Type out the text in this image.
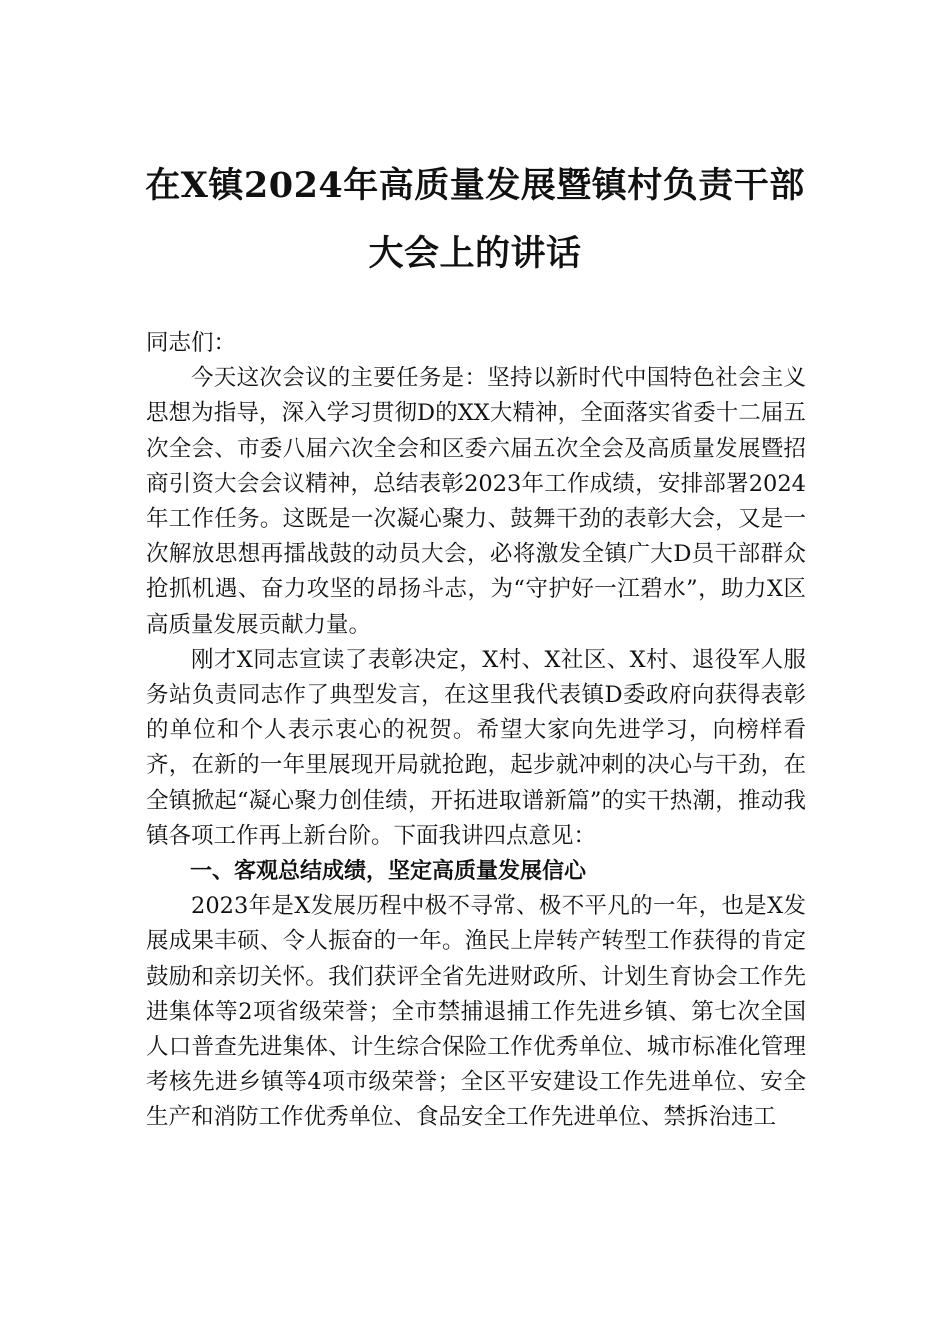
在X镇2024年高质量发展暨镇村负责干部
大会上的讲话

同志们：

今天这次会议的主要任务是：坚持以新时代中国特色社会主义思想为指导，深入学习贯彻D的XX大精神，全面落实省委十二届五次全会、市委八届六次全会和区委六届五次全会及高质量发展暨招商引资大会会议精神，总结表彰2023年工作成绩，安排部署2024年工作任务。这既是一次凝心聚力、鼓舞干劲的表彰大会，又是一次解放思想再擂战鼓的动员大会，必将激发全镇广大D员干部群众抢抓机遇、奋力攻坚的昂扬斗志，为“守护好一江碧水”，助力X区高质量发展贡献力量。

刚才X同志宣读了表彰决定，X村、X社区、X村、退役军人服务站负责同志作了典型发言，在这里我代表镇D委政府向获得表彰的单位和个人表示衷心的祝贺。希望大家向先进学习，向榜样看齐，在新的一年里展现开局就抢跑，起步就冲刺的决心与干劲，在全镇掀起“凝心聚力创佳绩，开拓进取谱新篇”的实干热潮，推动我镇各项工作再上新台阶。下面我讲四点意见：

一、客观总结成绩，坚定高质量发展信心

2023年是X发展历程中极不寻常、极不平凡的一年，也是X发展成果丰硕、令人振奋的一年。渔民上岸转产转型工作获得的肯定鼓励和亲切关怀。我们获评全省先进财政所、计划生育协会工作先进集体等2项省级荣誉；全市禁捕退捕工作先进乡镇、第七次全国人口普查先进集体、计生综合保险工作优秀单位、城市标准化管理考核先进乡镇等4项市级荣誉；全区平安建设工作先进单位、安全生产和消防工作优秀单位、食品安全工作先进单位、禁拆治违工
